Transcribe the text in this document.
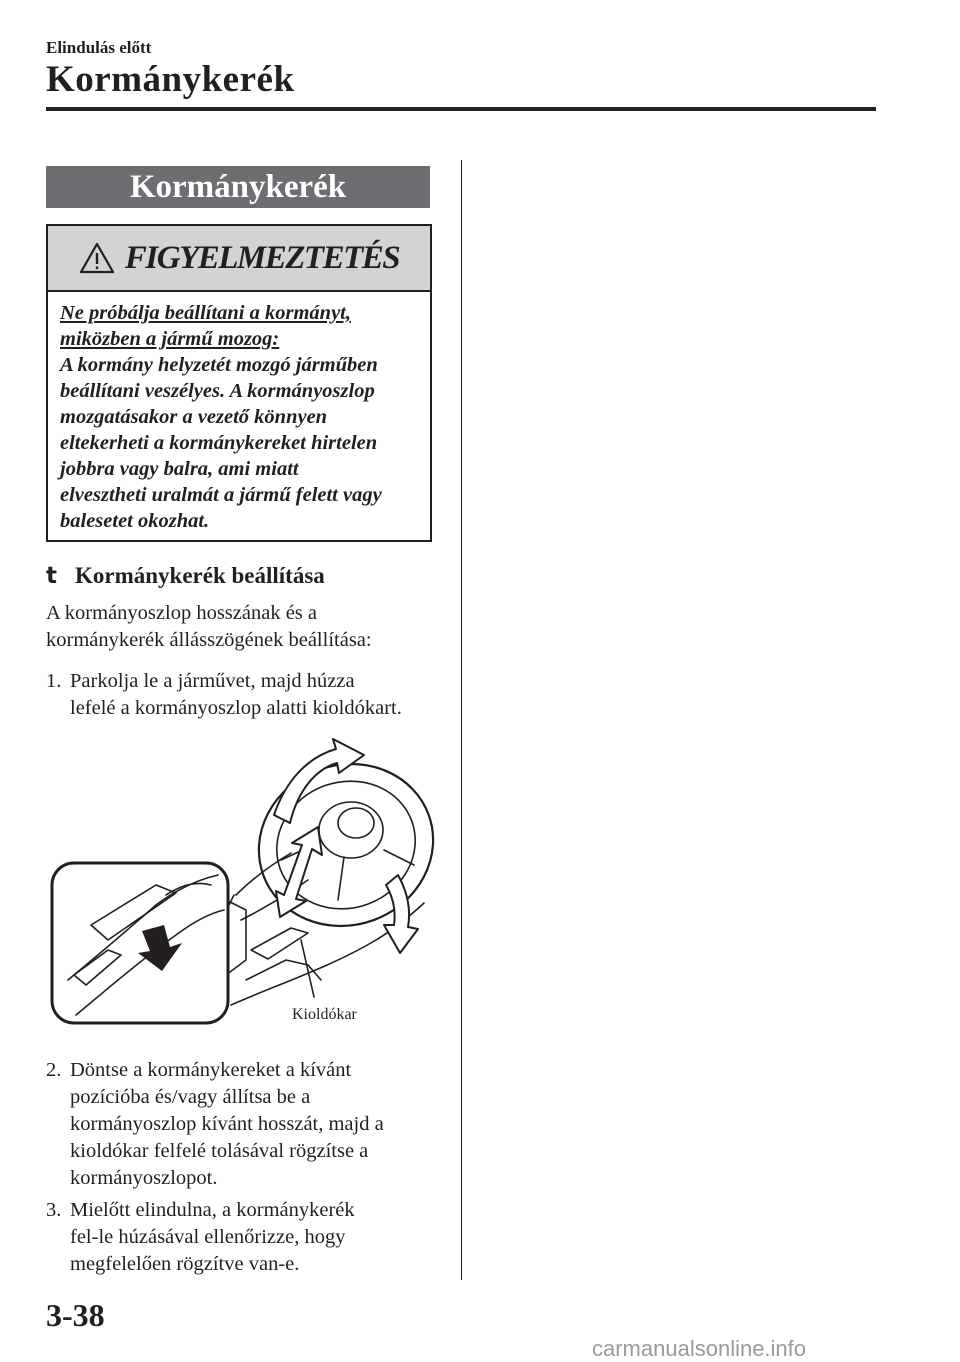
Elindulás előtt
Kormánykerék
Kormánykerék
FIGYELMEZTETÉS
Ne próbálja beállítani a kormányt,
miközben a jármű mozog:
A kormány helyzetét mozgó járműben
beállítani veszélyes. A kormányoszlop
mozgatásakor a vezető könnyen
eltekerheti a kormánykereket hirtelen
jobbra vagy balra, ami miatt
elvesztheti uralmát a jármű felett vagy
balesetet okozhat.
t Kormánykerék beállítása
A kormányoszlop hosszának és a
kormánykerék állásszögének beállítása:
1. Parkolja le a járművet, majd húzza
lefelé a kormányoszlop alatti kioldókart.
Kioldókar
2. Döntse a kormánykereket a kívánt
pozícióba és/vagy állítsa be a
kormányoszlop kívánt hosszát, majd a
kioldókar felfelé tolásával rögzítse a
kormányoszlopot.
3. Mielőtt elindulna, a kormánykerék
fel-le húzásával ellenőrizze, hogy
megfelelően rögzítve van-e.
3-38
carmanualsonline.info
